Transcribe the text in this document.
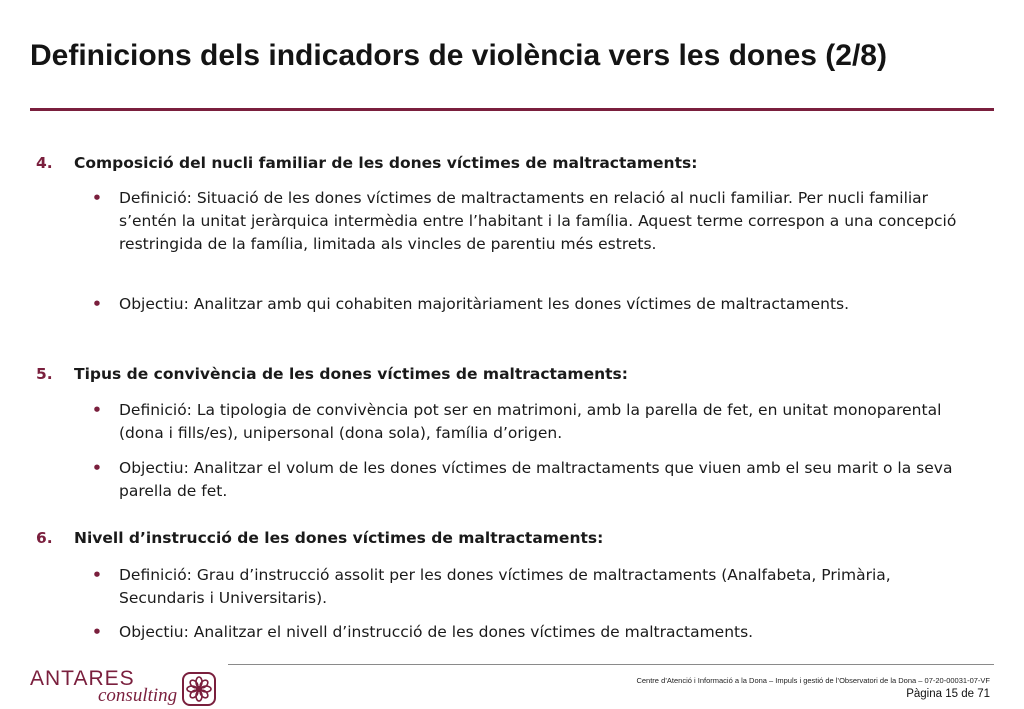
Definicions dels indicadors de violència vers les dones (2/8)
4. Composició del nucli familiar de les dones víctimes de maltractaments:
• Definició: Situació de les dones víctimes de maltractaments en relació al nucli familiar. Per nucli familiar s’entén la unitat jeràrquica intermèdia entre l’habitant i la família. Aquest terme correspon a una concepció restringida de la família, limitada als vincles de parentiu més estrets.
• Objectiu: Analitzar amb qui cohabiten majoritàriament les dones víctimes de maltractaments.
5. Tipus de convivència de les dones víctimes de maltractaments:
• Definició: La tipologia de convivència pot ser en matrimoni, amb la parella de fet, en unitat monoparental (dona i fills/es), unipersonal (dona sola), família d’origen.
• Objectiu: Analitzar el volum de les dones víctimes de maltractaments que viuen amb el seu marit o la seva parella de fet.
6. Nivell d’instrucció de les dones víctimes de maltractaments:
• Definició: Grau d’instrucció assolit per les dones víctimes de maltractaments (Analfabeta, Primària, Secundaris i Universitaris).
• Objectiu: Analitzar el nivell d’instrucció de les dones víctimes de maltractaments.
ANTARES
consulting
Centre d’Atenció i Informació a la Dona – Impuls i gestió de l’Observatori de la Dona – 07-20-00031-07-VF
Pàgina 15 de 71
